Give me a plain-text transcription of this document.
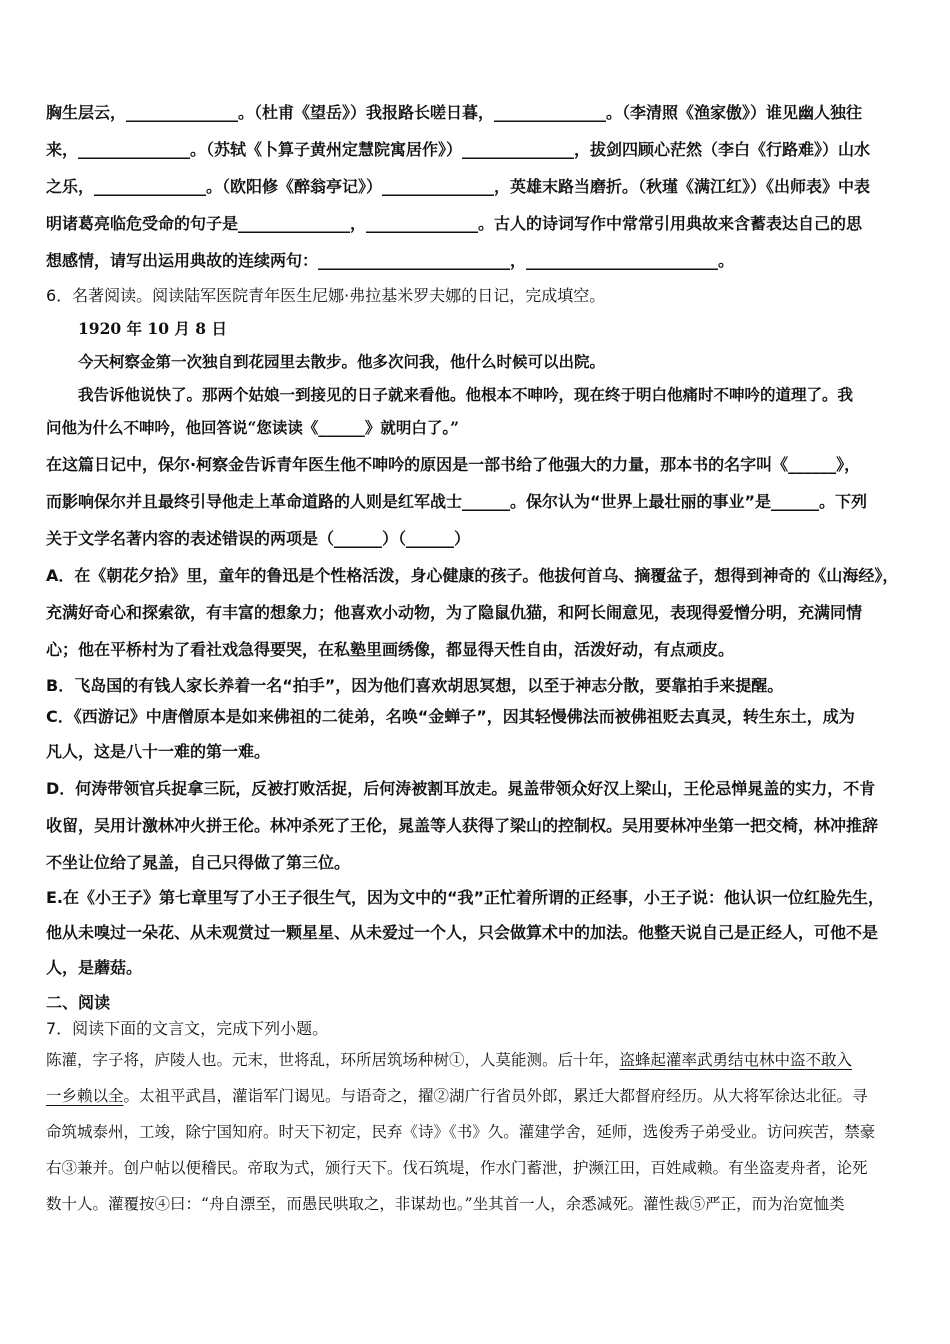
胸生层云，______________。（杜甫《望岳》）我报路长嗟日暮，______________。（李清照《渔家傲》）谁见幽人独往
来，______________。（苏轼《卜算子黄州定慧院寓居作》）______________，拔剑四顾心茫然（李白《行路难》）山水
之乐，______________。（欧阳修《醉翁亭记》）______________，英雄末路当磨折。（秋瑾《满江红》）《出师表》中表
明诸葛亮临危受命的句子是______________，______________。古人的诗词写作中常常引用典故来含蓄表达自己的思
想感情，请写出运用典故的连续两句：________________________，________________________。
6．名著阅读。阅读陆军医院青年医生尼娜·弗拉基米罗夫娜的日记，完成填空。
1920 年 10 月 8 日
今天柯察金第一次独自到花园里去散步。他多次问我，他什么时候可以出院。
我告诉他说快了。那两个姑娘一到接见的日子就来看他。他根本不呻吟，现在终于明白他痛时不呻吟的道理了。我
问他为什么不呻吟，他回答说“您读读《______》就明白了。”
在这篇日记中，保尔·柯察金告诉青年医生他不呻吟的原因是一部书给了他强大的力量，那本书的名字叫《______》，
而影响保尔并且最终引导他走上革命道路的人则是红军战士______。保尔认为“世界上最壮丽的事业”是______。下列
关于文学名著内容的表述错误的两项是（______）（______）
A．在《朝花夕拾》里，童年的鲁迅是个性格活泼，身心健康的孩子。他拔何首乌、摘覆盆子，想得到神奇的《山海经》，
充满好奇心和探索欲，有丰富的想象力；他喜欢小动物，为了隐鼠仇猫，和阿长闹意见，表现得爱憎分明，充满同情
心；他在平桥村为了看社戏急得要哭，在私塾里画绣像，都显得天性自由，活泼好动，有点顽皮。
B．飞岛国的有钱人家长养着一名“拍手”，因为他们喜欢胡思冥想，以至于神志分散，要靠拍手来提醒。
C．《西游记》中唐僧原本是如来佛祖的二徒弟，名唤“金蝉子”，因其轻慢佛法而被佛祖贬去真灵，转生东土，成为
凡人，这是八十一难的第一难。
D．何涛带领官兵捉拿三阮，反被打败活捉，后何涛被割耳放走。晁盖带领众好汉上梁山，王伦忌惮晁盖的实力，不肯
收留，吴用计激林冲火拼王伦。林冲杀死了王伦，晁盖等人获得了梁山的控制权。吴用要林冲坐第一把交椅，林冲推辞
不坐让位给了晁盖，自己只得做了第三位。
E.在《小王子》第七章里写了小王子很生气，因为文中的“我”正忙着所谓的正经事，小王子说：他认识一位红脸先生，
他从未嗅过一朵花、从未观赏过一颗星星、从未爱过一个人，只会做算术中的加法。他整天说自己是正经人，可他不是
人，是蘑菇。
二、阅读
7．阅读下面的文言文，完成下列小题。
陈灌，字子将，庐陵人也。元末，世将乱，环所居筑场种树①，人莫能测。后十年，盗蜂起灌率武勇结屯林中盗不敢入
一乡赖以全。太祖平武昌，灌诣军门谒见。与语奇之，擢②湖广行省员外郎，累迁大都督府经历。从大将军徐达北征。寻
命筑城泰州，工竣，除宁国知府。时天下初定，民弃《诗》《书》久。灌建学舍，延师，选俊秀子弟受业。访问疾苦，禁豪
右③兼并。创户帖以便稽民。帝取为式，颁行天下。伐石筑堤，作水门蓄泄，护濒江田，百姓咸赖。有坐盗麦舟者，论死
数十人。灌覆按④曰：“舟自漂至，而愚民哄取之，非谋劫也。”坐其首一人，余悉减死。灌性裁⑤严正，而为治宽恤类
